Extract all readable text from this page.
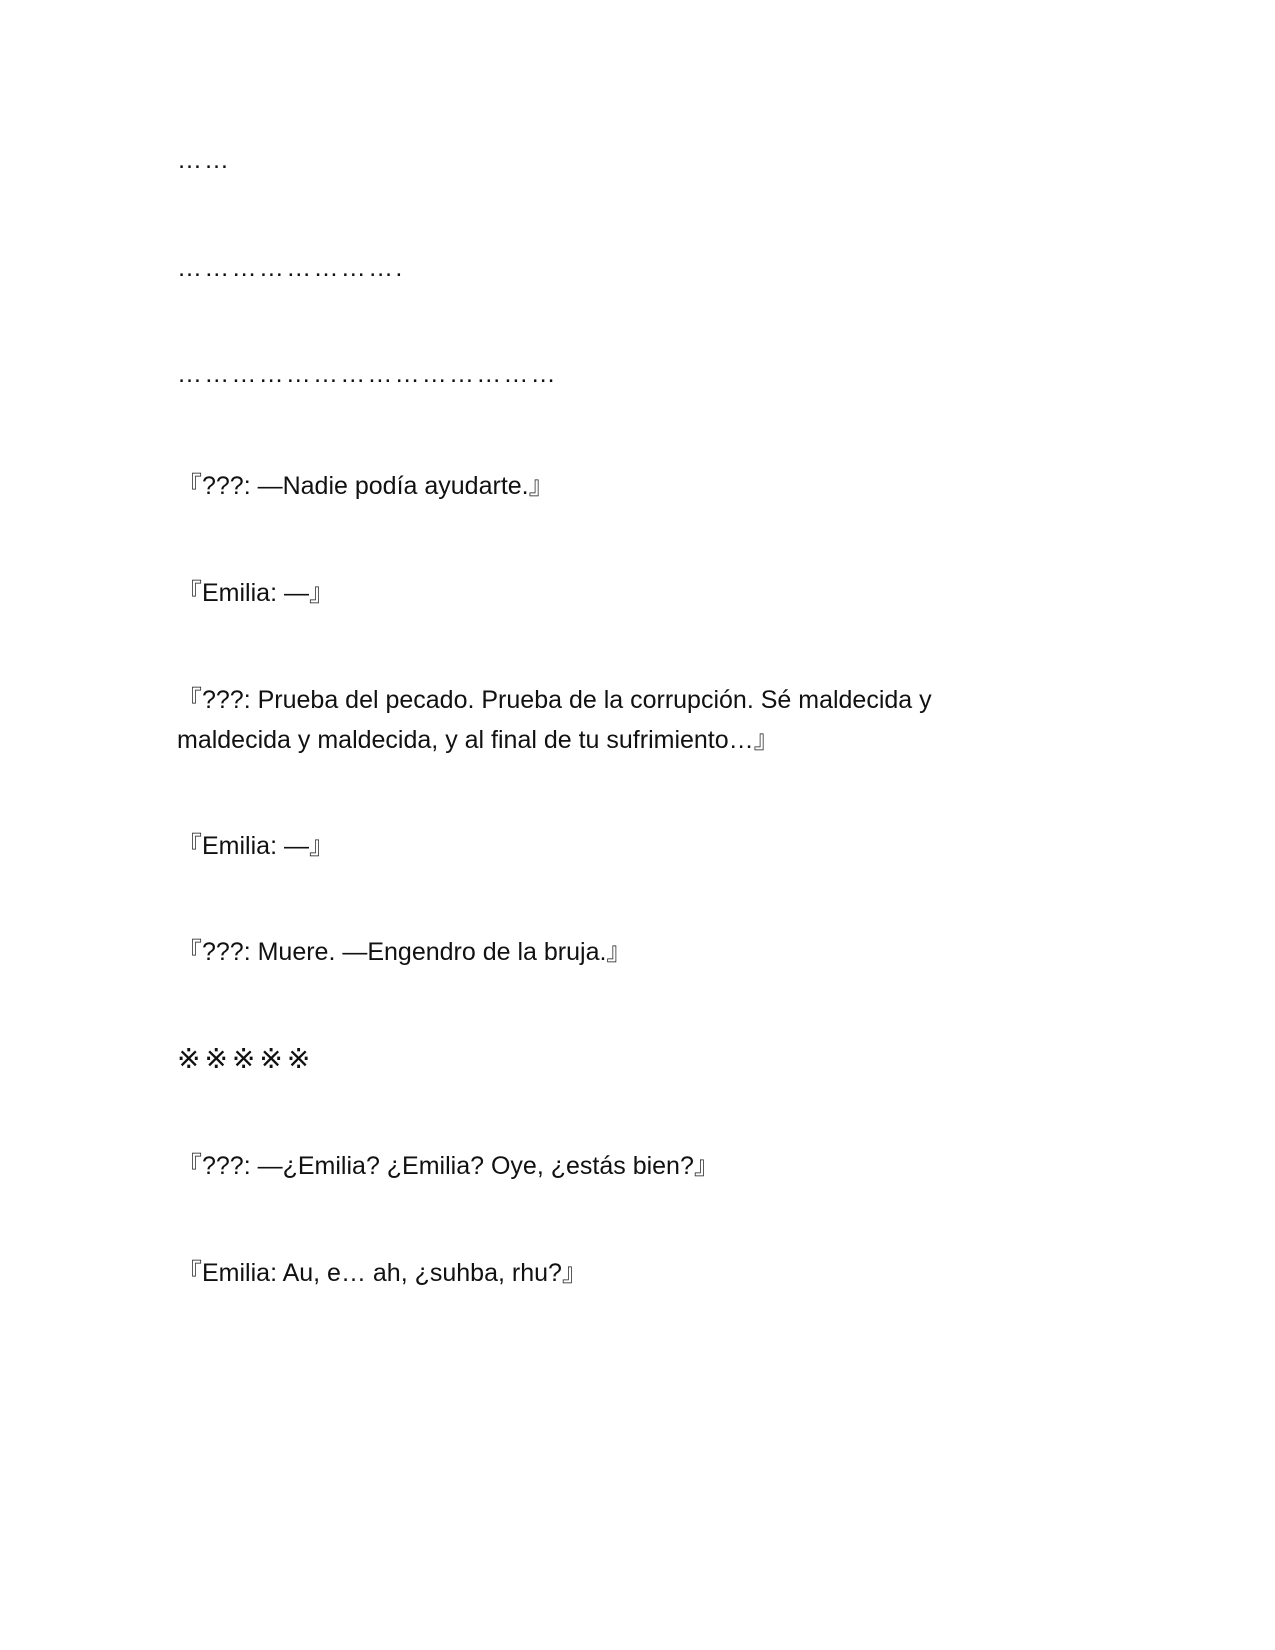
……

…………………….

……………………………………

『???: —Nadie podía ayudarte.』

『Emilia: —』

『???: Prueba del pecado. Prueba de la corrupción. Sé maldecida y maldecida y maldecida, y al final de tu sufrimiento…』

『Emilia: —』

『???: Muere. —Engendro de la bruja.』

※※※※※

『???: —¿Emilia? ¿Emilia? Oye, ¿estás bien?』

『Emilia: Au, e… ah, ¿suhba, rhu?』
